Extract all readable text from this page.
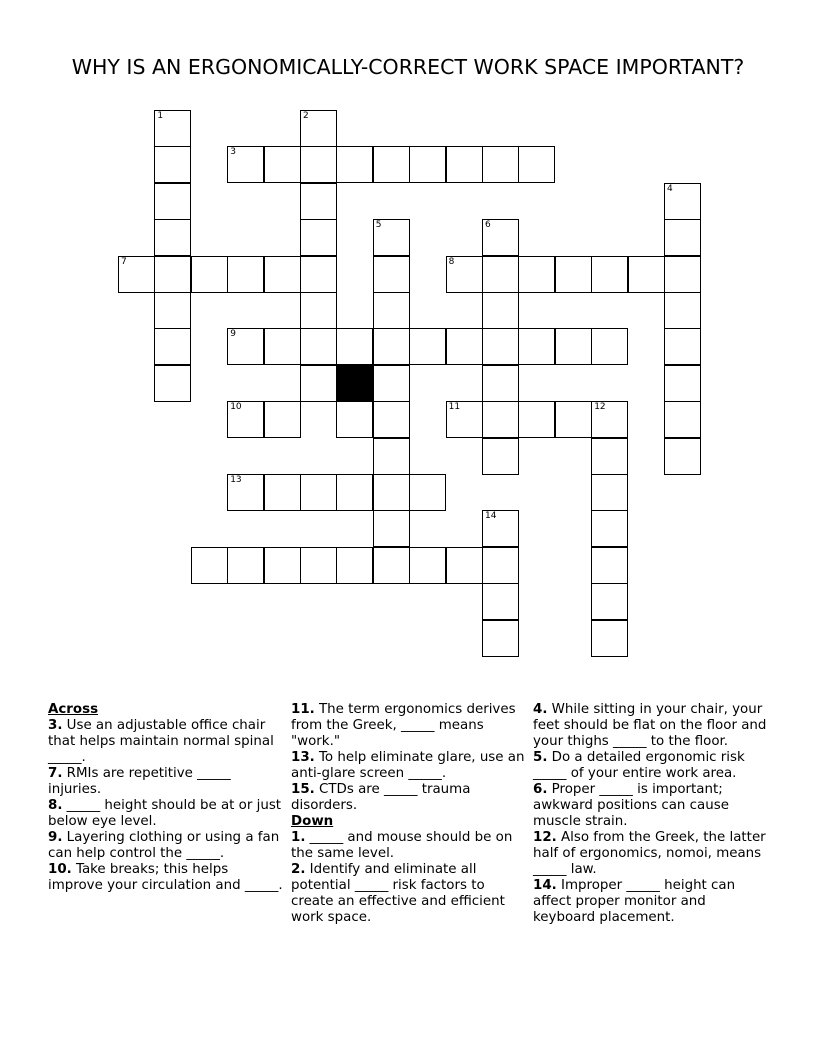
WHY IS AN ERGONOMICALLY-CORRECT WORK SPACE IMPORTANT?
1	2
3
4
5	6
7	8
9
10	11	12
13
14

Across

3. Use an adjustable office chair that helps maintain normal spinal _____.

7. RMIs are repetitive _____ injuries.

8. _____ height should be at or just below eye level.

9. Layering clothing or using a fan can help control the _____.

10. Take breaks; this helps improve your circulation and _____.

11. The term ergonomics derives from the Greek, _____ means "work."

13. To help eliminate glare, use an anti-glare screen _____.

15. CTDs are _____ trauma disorders.

Down

1. _____ and mouse should be on the same level.

2. Identify and eliminate all potential _____ risk factors to create an effective and efficient work space.

4. While sitting in your chair, your feet should be flat on the floor and your thighs _____ to the floor.

5. Do a detailed ergonomic risk _____ of your entire work area.

6. Proper _____ is important; awkward positions can cause muscle strain.

12. Also from the Greek, the latter half of ergonomics, nomoi, means _____ law.

14. Improper _____ height can affect proper monitor and keyboard placement.
